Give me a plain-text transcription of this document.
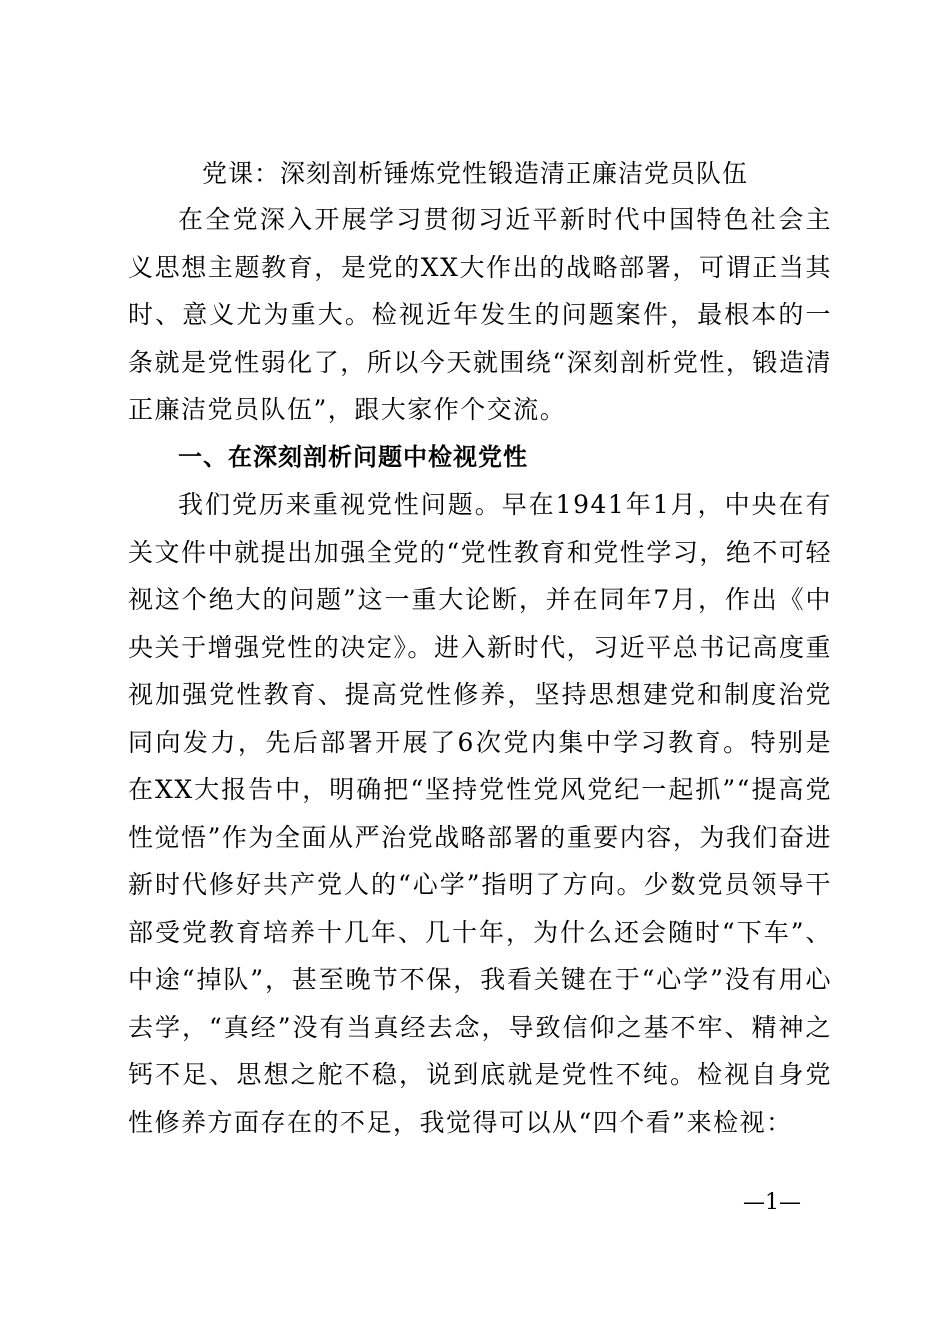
党课：深刻剖析锤炼党性锻造清正廉洁党员队伍

在全党深入开展学习贯彻习近平新时代中国特色社会主义思想主题教育，是党的XX大作出的战略部署，可谓正当其时、意义尤为重大。检视近年发生的问题案件，最根本的一条就是党性弱化了，所以今天就围绕“深刻剖析党性，锻造清正廉洁党员队伍”，跟大家作个交流。

一、在深刻剖析问题中检视党性

我们党历来重视党性问题。早在1941年1月，中央在有关文件中就提出加强全党的“党性教育和党性学习，绝不可轻视这个绝大的问题”这一重大论断，并在同年7月，作出《中央关于增强党性的决定》。进入新时代，习近平总书记高度重视加强党性教育、提高党性修养，坚持思想建党和制度治党同向发力，先后部署开展了6次党内集中学习教育。特别是在XX大报告中，明确把“坚持党性党风党纪一起抓”“提高党性觉悟”作为全面从严治党战略部署的重要内容，为我们奋进新时代修好共产党人的“心学”指明了方向。少数党员领导干部受党教育培养十几年、几十年，为什么还会随时“下车”、中途“掉队”，甚至晚节不保，我看关键在于“心学”没有用心去学，“真经”没有当真经去念，导致信仰之基不牢、精神之钙不足、思想之舵不稳，说到底就是党性不纯。检视自身党性修养方面存在的不足，我觉得可以从“四个看”来检视：

—1—
